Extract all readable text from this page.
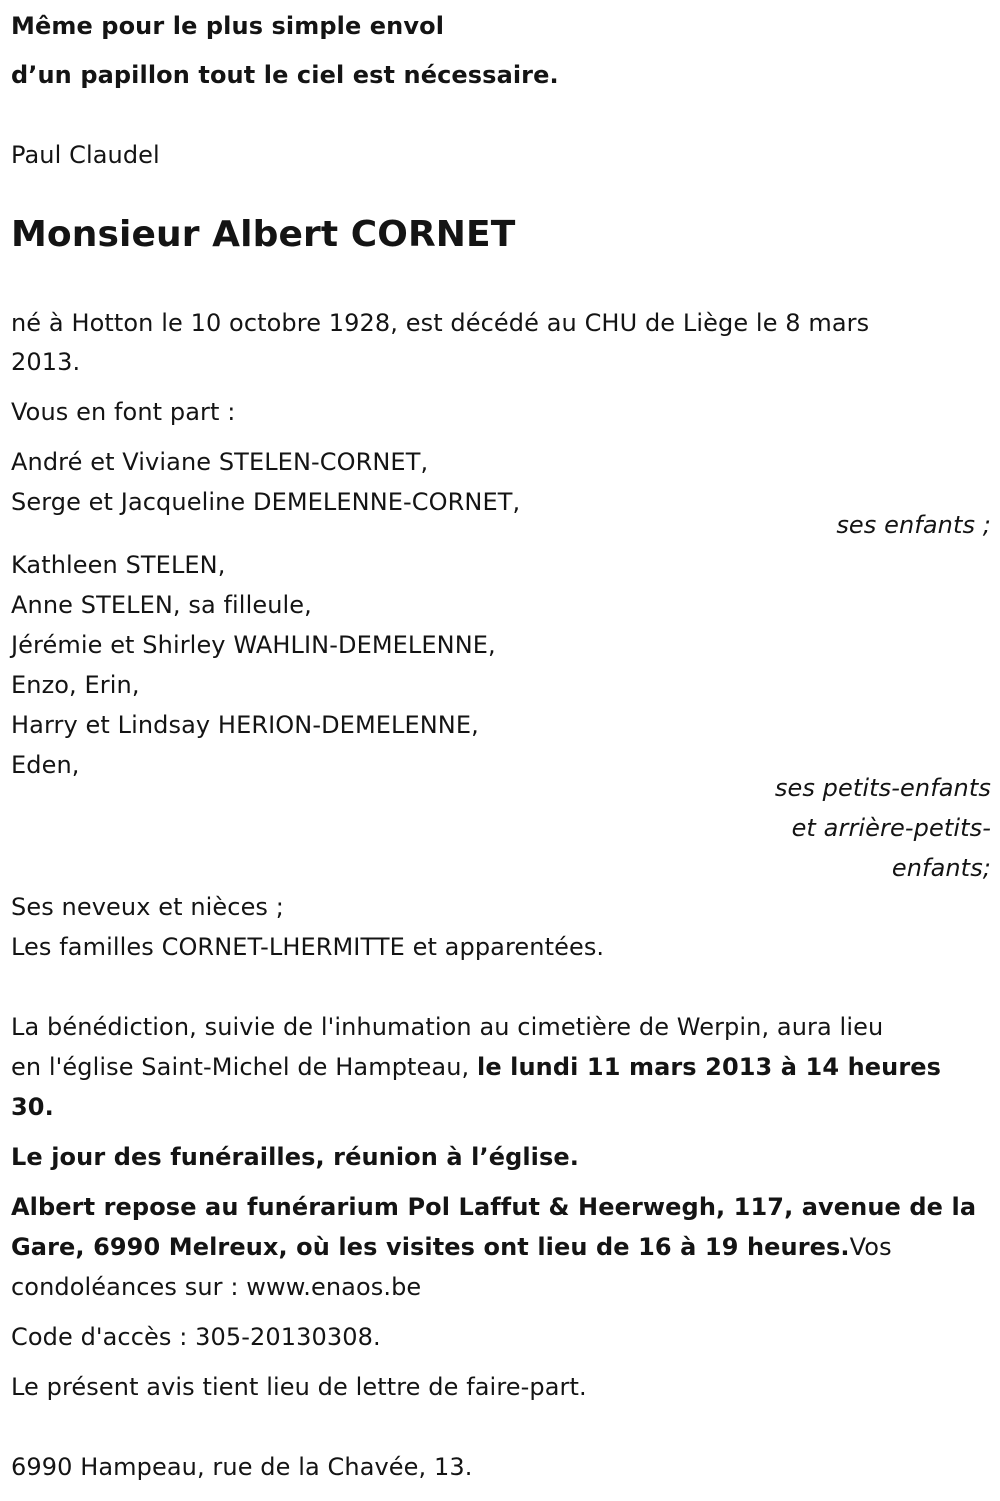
Même pour le plus simple envol
d’un papillon tout le ciel est nécessaire.
Paul Claudel
Monsieur Albert CORNET
né à Hotton le 10 octobre 1928, est décédé au CHU de Liège le 8 mars
2013.
Vous en font part :
André et Viviane STELEN-CORNET,
Serge et Jacqueline DEMELENNE-CORNET,
ses enfants ;
Kathleen STELEN,
Anne STELEN, sa filleule,
Jérémie et Shirley WAHLIN-DEMELENNE,
Enzo, Erin,
Harry et Lindsay HERION-DEMELENNE,
Eden,
ses petits-enfants
et arrière-petits-
enfants;
Ses neveux et nièces ;
Les familles CORNET-LHERMITTE et apparentées.
La bénédiction, suivie de l'inhumation au cimetière de Werpin, aura lieu
en l'église Saint-Michel de Hampteau, le lundi 11 mars 2013 à 14 heures
30.
Le jour des funérailles, réunion à l’église.
Albert repose au funérarium Pol Laffut & Heerwegh, 117, avenue de la
Gare, 6990 Melreux, où les visites ont lieu de 16 à 19 heures.Vos
condoléances sur : www.enaos.be
Code d'accès : 305-20130308.
Le présent avis tient lieu de lettre de faire-part.
6990 Hampeau, rue de la Chavée, 13.
